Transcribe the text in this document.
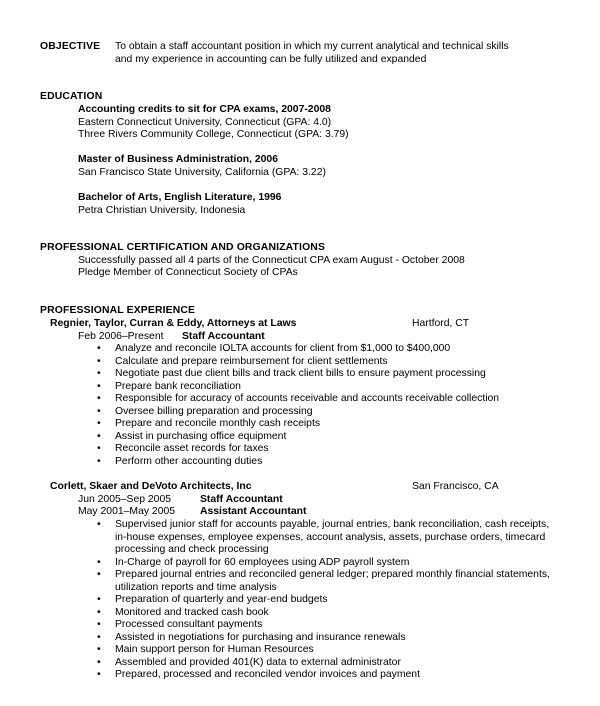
OBJECTIVE To obtain a staff accountant position in which my current analytical and technical skills
and my experience in accounting can be fully utilized and expanded
EDUCATION
Accounting credits to sit for CPA exams, 2007-2008
Eastern Connecticut University, Connecticut (GPA: 4.0)
Three Rivers Community College, Connecticut (GPA: 3.79)
Master of Business Administration, 2006
San Francisco State University, California (GPA: 3.22)
Bachelor of Arts, English Literature, 1996
Petra Christian University, Indonesia
PROFESSIONAL CERTIFICATION AND ORGANIZATIONS
Successfully passed all 4 parts of the Connecticut CPA exam August - October 2008
Pledge Member of Connecticut Society of CPAs
PROFESSIONAL EXPERIENCE
Regnier, Taylor, Curran & Eddy, Attorneys at Laws	Hartford, CT
Feb 2006–Present Staff Accountant
• Analyze and reconcile IOLTA accounts for client from $1,000 to $400,000
• Calculate and prepare reimbursement for client settlements
• Negotiate past due client bills and track client bills to ensure payment processing
• Prepare bank reconciliation
• Responsible for accuracy of accounts receivable and accounts receivable collection
• Oversee billing preparation and processing
• Prepare and reconcile monthly cash receipts
• Assist in purchasing office equipment
• Reconcile asset records for taxes
• Perform other accounting duties
Corlett, Skaer and DeVoto Architects, Inc	San Francisco, CA
Jun 2005–Sep 2005	Staff Accountant
May 2001–May 2005 Assistant Accountant
• Supervised junior staff for accounts payable, journal entries, bank reconciliation, cash receipts, in-house expenses, employee expenses, account analysis, assets, purchase orders, timecard processing and check processing
• In-Charge of payroll for 60 employees using ADP payroll system
• Prepared journal entries and reconciled general ledger; prepared monthly financial statements, utilization reports and time analysis
• Preparation of quarterly and year-end budgets
• Monitored and tracked cash book
• Processed consultant payments
• Assisted in negotiations for purchasing and insurance renewals
• Main support person for Human Resources
• Assembled and provided 401(K) data to external administrator
• Prepared, processed and reconciled vendor invoices and payment
